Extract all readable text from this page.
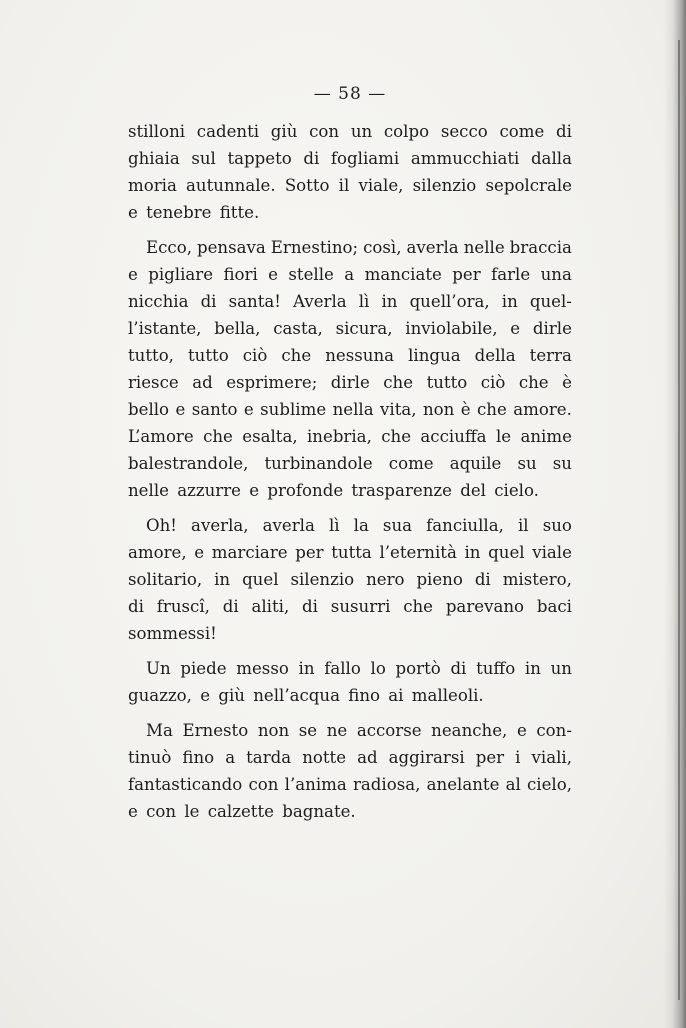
— 58 —
stilloni cadenti giù con un colpo secco come di
ghiaia sul tappeto di fogliami ammucchiati dalla
moria autunnale. Sotto il viale, silenzio sepolcrale
e tenebre fitte.
Ecco, pensava Ernestino; così, averla nelle braccia
e pigliare fiori e stelle a manciate per farle una
nicchia di santa! Averla lì in quell’ora, in quel-
l’istante, bella, casta, sicura, inviolabile, e dirle
tutto, tutto ciò che nessuna lingua della terra
riesce ad esprimere; dirle che tutto ciò che è
bello e santo e sublime nella vita, non è che amore.
L’amore che esalta, inebria, che acciuffa le anime
balestrandole, turbinandole come aquile su su
nelle azzurre e profonde trasparenze del cielo.
Oh! averla, averla lì la sua fanciulla, il suo
amore, e marciare per tutta l’eternità in quel viale
solitario, in quel silenzio nero pieno di mistero,
di fruscî, di aliti, di susurri che parevano baci
sommessi!
Un piede messo in fallo lo portò di tuffo in un
guazzo, e giù nell’acqua fino ai malleoli.
Ma Ernesto non se ne accorse neanche, e con-
tinuò fino a tarda notte ad aggirarsi per i viali,
fantasticando con l’anima radiosa, anelante al cielo,
e con le calzette bagnate.
